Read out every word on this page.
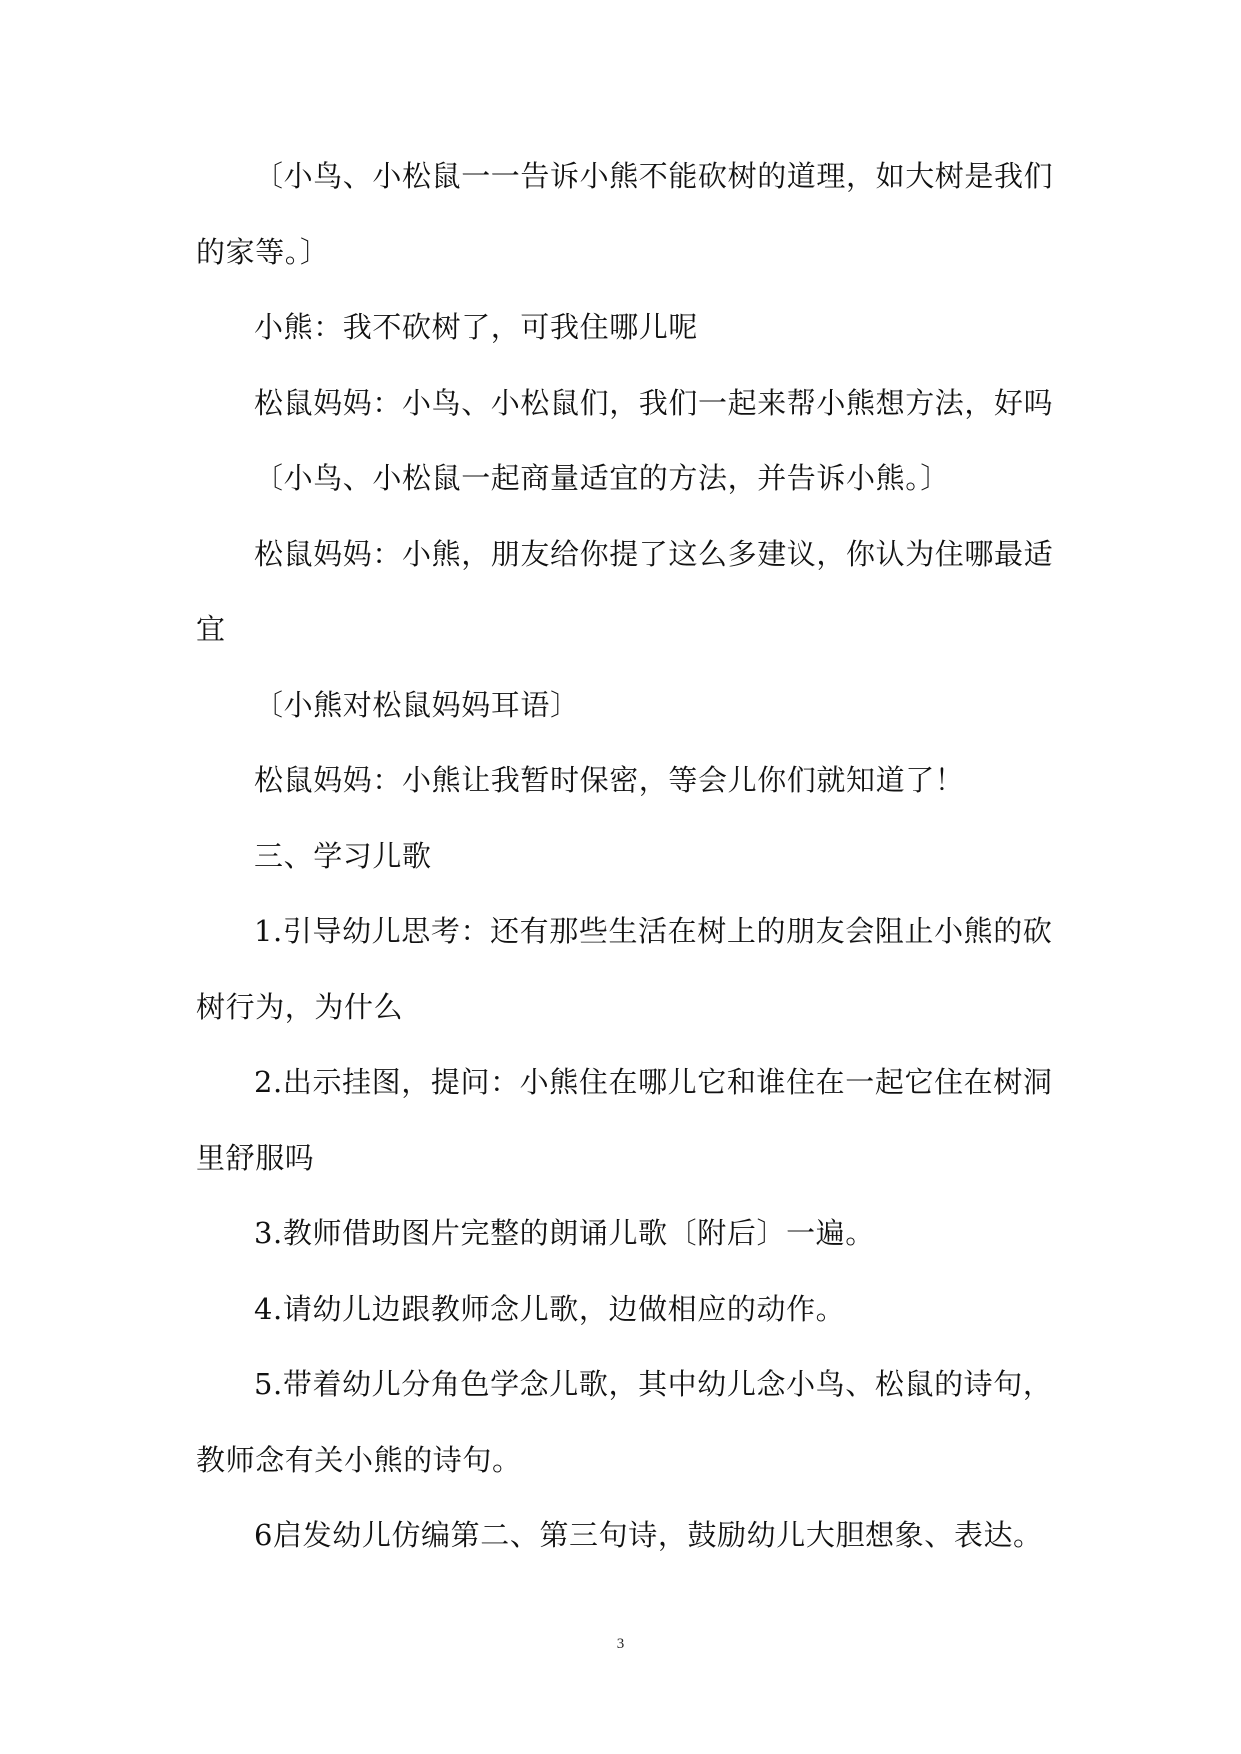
〔小鸟、小松鼠一一告诉小熊不能砍树的道理，如大树是我们
的家等。〕
小熊：我不砍树了，可我住哪儿呢
松鼠妈妈：小鸟、小松鼠们，我们一起来帮小熊想方法，好吗
〔小鸟、小松鼠一起商量适宜的方法，并告诉小熊。〕
松鼠妈妈：小熊，朋友给你提了这么多建议，你认为住哪最适
宜
〔小熊对松鼠妈妈耳语〕
松鼠妈妈：小熊让我暂时保密，等会儿你们就知道了！
三、学习儿歌
1.引导幼儿思考：还有那些生活在树上的朋友会阻止小熊的砍
树行为，为什么
2.出示挂图，提问：小熊住在哪儿它和谁住在一起它住在树洞
里舒服吗
3.教师借助图片完整的朗诵儿歌〔附后〕一遍。
4.请幼儿边跟教师念儿歌，边做相应的动作。
5.带着幼儿分角色学念儿歌，其中幼儿念小鸟、松鼠的诗句，
教师念有关小熊的诗句。
6启发幼儿仿编第二、第三句诗，鼓励幼儿大胆想象、表达。
3
